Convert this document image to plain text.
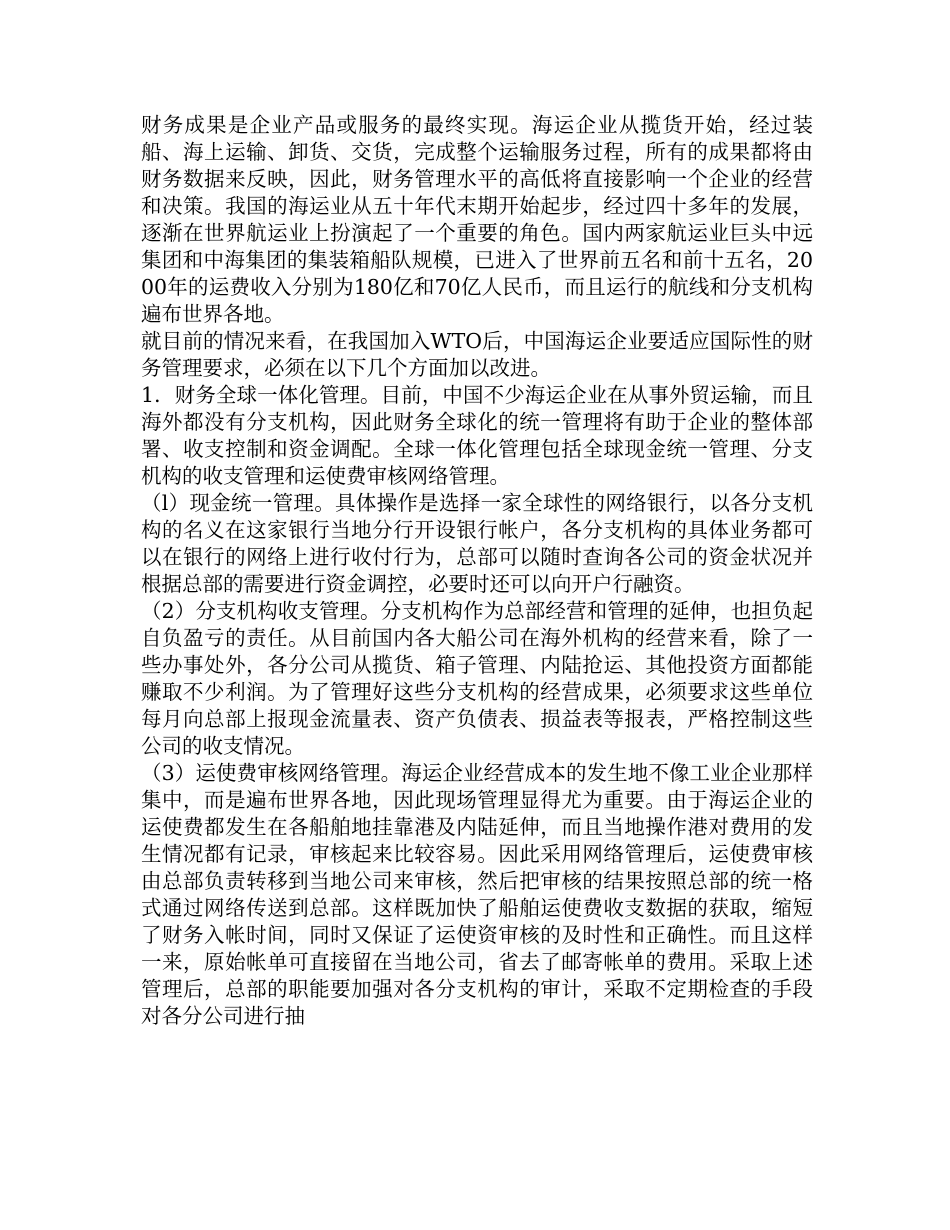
财务成果是企业产品或服务的最终实现。海运企业从揽货开始，经过装船、海上运输、卸货、交货，完成整个运输服务过程，所有的成果都将由财务数据来反映，因此，财务管理水平的高低将直接影响一个企业的经营和决策。我国的海运业从五十年代末期开始起步，经过四十多年的发展，逐渐在世界航运业上扮演起了一个重要的角色。国内两家航运业巨头中远集团和中海集团的集装箱船队规模，已进入了世界前五名和前十五名，2000年的运费收入分别为180亿和70亿人民币，而且运行的航线和分支机构遍布世界各地。

就目前的情况来看，在我国加入WTO后，中国海运企业要适应国际性的财务管理要求，必须在以下几个方面加以改进。

1．财务全球一体化管理。目前，中国不少海运企业在从事外贸运输，而且海外都没有分支机构，因此财务全球化的统一管理将有助于企业的整体部署、收支控制和资金调配。全球一体化管理包括全球现金统一管理、分支机构的收支管理和运使费审核网络管理。

（l）现金统一管理。具体操作是选择一家全球性的网络银行，以各分支机构的名义在这家银行当地分行开设银行帐户，各分支机构的具体业务都可以在银行的网络上进行收付行为，总部可以随时查询各公司的资金状况并根据总部的需要进行资金调控，必要时还可以向开户行融资。

（2）分支机构收支管理。分支机构作为总部经营和管理的延伸，也担负起自负盈亏的责任。从目前国内各大船公司在海外机构的经营来看，除了一些办事处外，各分公司从揽货、箱子管理、内陆抢运、其他投资方面都能赚取不少利润。为了管理好这些分支机构的经营成果，必须要求这些单位每月向总部上报现金流量表、资产负债表、损益表等报表，严格控制这些公司的收支情况。

（3）运使费审核网络管理。海运企业经营成本的发生地不像工业企业那样集中，而是遍布世界各地，因此现场管理显得尤为重要。由于海运企业的运使费都发生在各船舶地挂靠港及内陆延伸，而且当地操作港对费用的发生情况都有记录，审核起来比较容易。因此采用网络管理后，运使费审核由总部负责转移到当地公司来审核，然后把审核的结果按照总部的统一格式通过网络传送到总部。这样既加快了船舶运使费收支数据的获取，缩短了财务入帐时间，同时又保证了运使资审核的及时性和正确性。而且这样一来，原始帐单可直接留在当地公司，省去了邮寄帐单的费用。采取上述管理后，总部的职能要加强对各分支机构的审计，采取不定期检查的手段对各分公司进行抽
